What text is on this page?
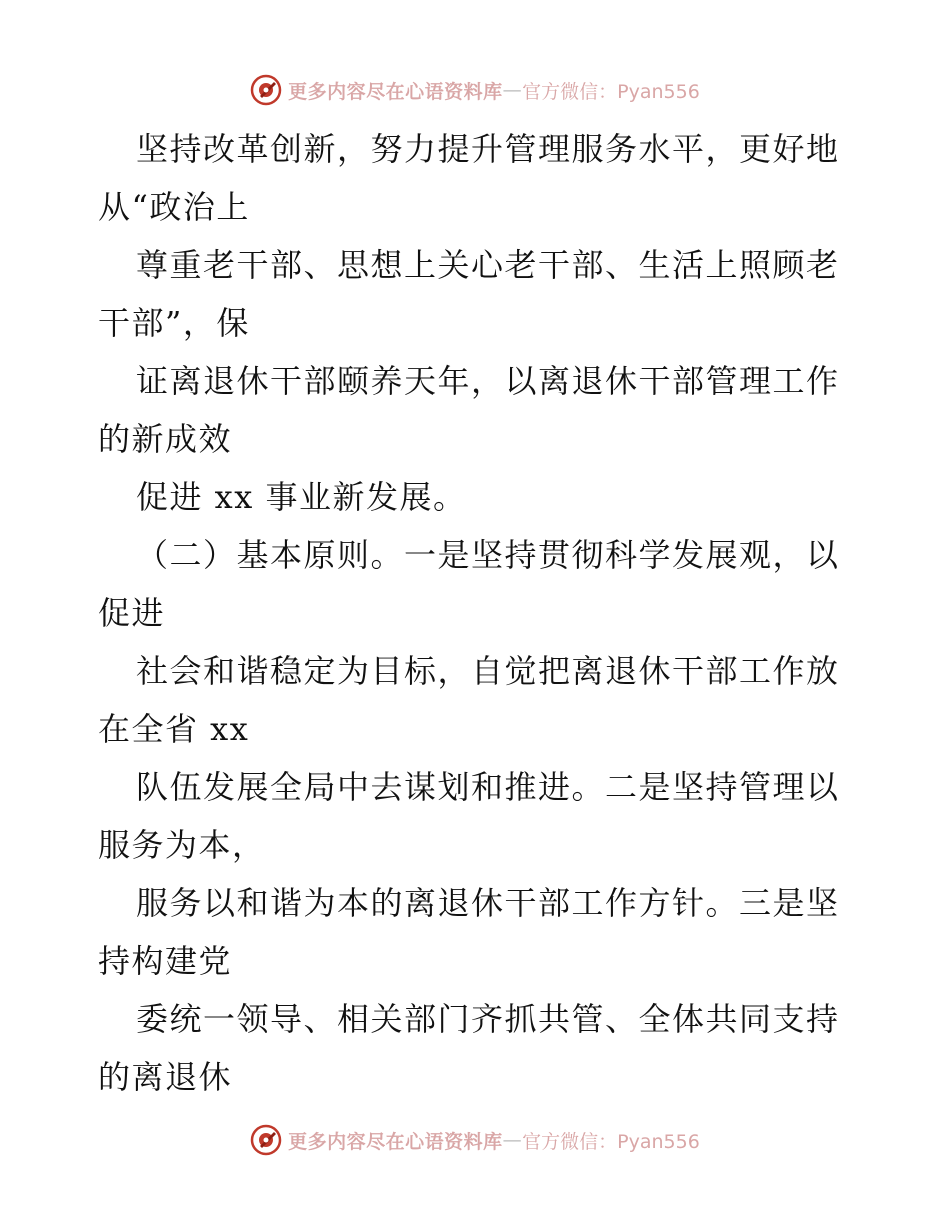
更多内容尽在心语资料库 — 官方微信：Pyan556
坚持改革创新，努力提升管理服务水平，更好地
从“政治上
尊重老干部、思想上关心老干部、生活上照顾老
干部”，保
证离退休干部颐养天年，以离退休干部管理工作
的新成效
促进 xx 事业新发展。
（二）基本原则。一是坚持贯彻科学发展观，以
促进
社会和谐稳定为目标，自觉把离退休干部工作放
在全省 xx
队伍发展全局中去谋划和推进。二是坚持管理以
服务为本，
服务以和谐为本的离退休干部工作方针。三是坚
持构建党
委统一领导、相关部门齐抓共管、全体共同支持
的离退休
更多内容尽在心语资料库 — 官方微信：Pyan556
